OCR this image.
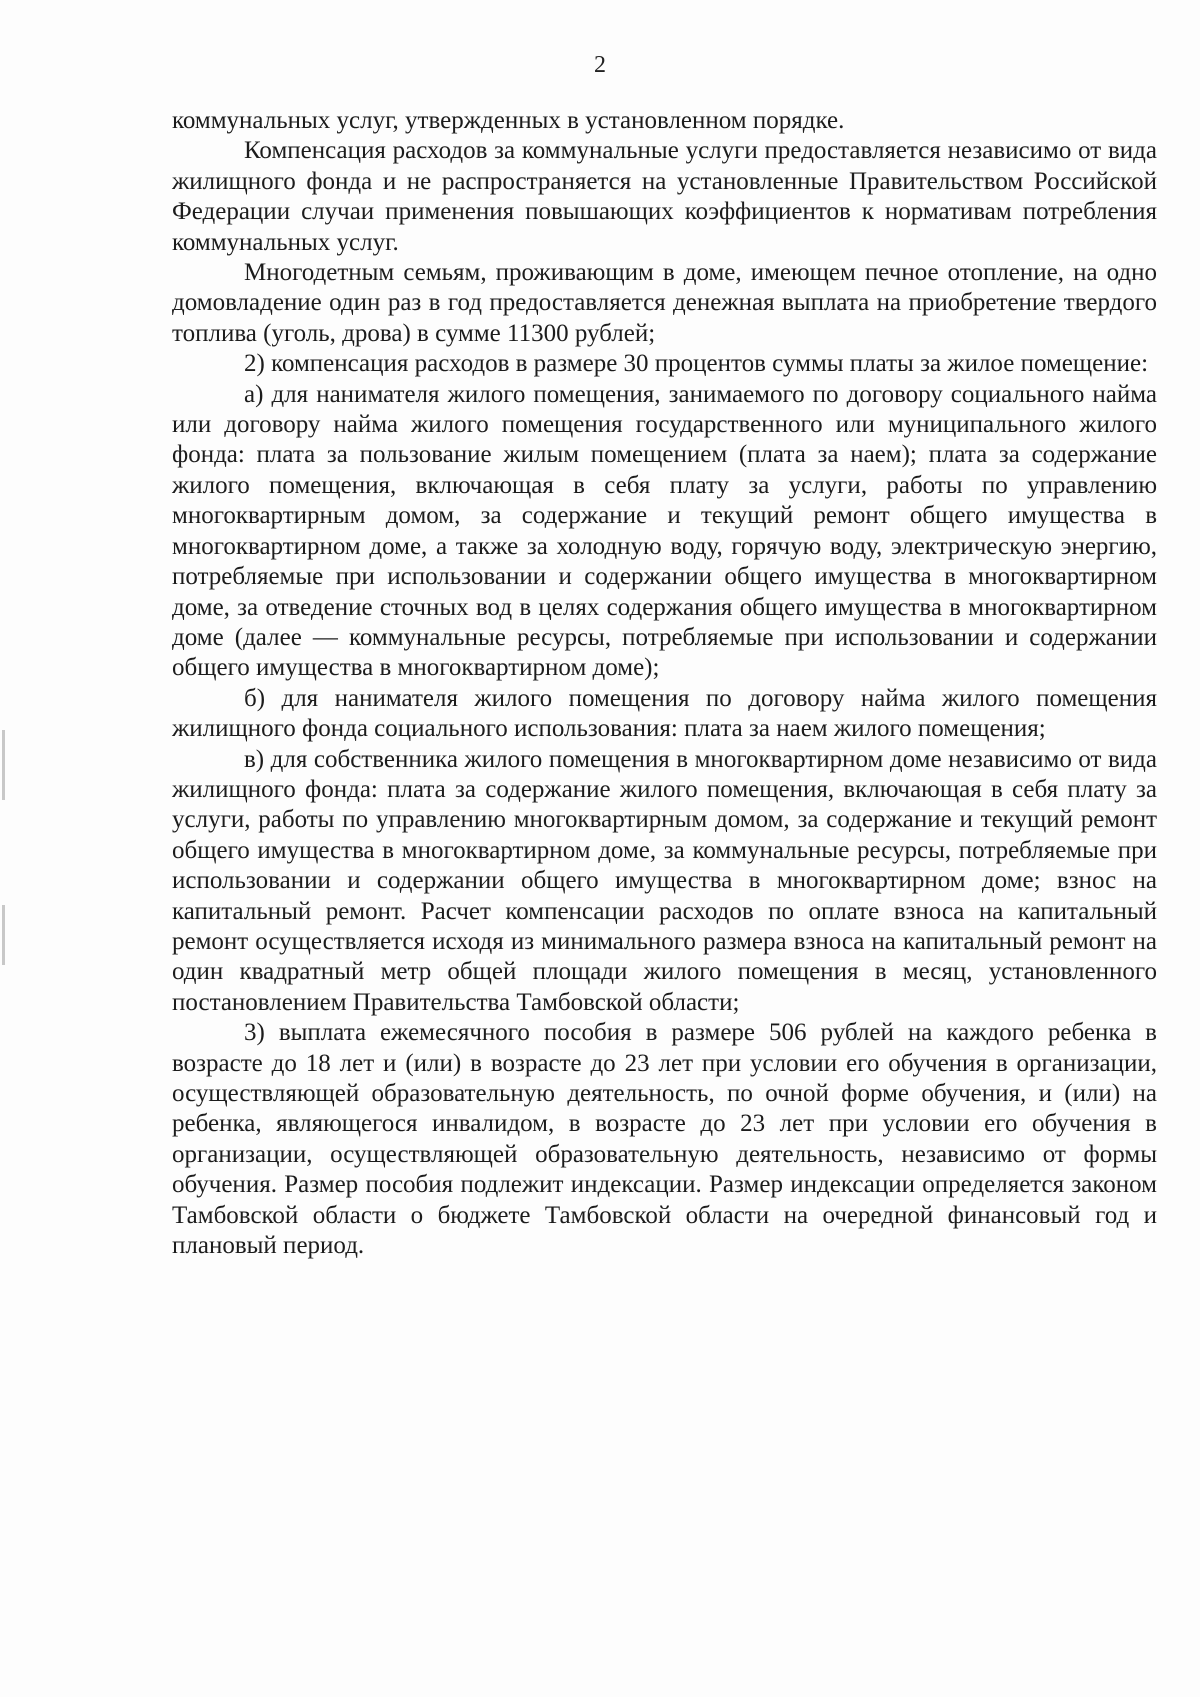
2

коммунальных услуг, утвержденных в установленном порядке.

Компенсация расходов за коммунальные услуги предоставляется независимо от вида жилищного фонда и не распространяется на установленные Правительством Российской Федерации случаи применения повышающих коэффициентов к нормативам потребления коммунальных услуг.

Многодетным семьям, проживающим в доме, имеющем печное отопление, на одно домовладение один раз в год предоставляется денежная выплата на приобретение твердого топлива (уголь, дрова) в сумме 11300 рублей;

2) компенсация расходов в размере 30 процентов суммы платы за жилое помещение:

а) для нанимателя жилого помещения, занимаемого по договору социального найма или договору найма жилого помещения государственного или муниципального жилого фонда: плата за пользование жилым помещением (плата за наем); плата за содержание жилого помещения, включающая в себя плату за услуги, работы по управлению многоквартирным домом, за содержание и текущий ремонт общего имущества в многоквартирном доме, а также за холодную воду, горячую воду, электрическую энергию, потребляемые при использовании и содержании общего имущества в многоквартирном доме, за отведение сточных вод в целях содержания общего имущества в многоквартирном доме (далее — коммунальные ресурсы, потребляемые при использовании и содержании общего имущества в многоквартирном доме);

б) для нанимателя жилого помещения по договору найма жилого помещения жилищного фонда социального использования: плата за наем жилого помещения;

в) для собственника жилого помещения в многоквартирном доме независимо от вида жилищного фонда: плата за содержание жилого помещения, включающая в себя плату за услуги, работы по управлению многоквартирным домом, за содержание и текущий ремонт общего имущества в многоквартирном доме, за коммунальные ресурсы, потребляемые при использовании и содержании общего имущества в многоквартирном доме; взнос на капитальный ремонт. Расчет компенсации расходов по оплате взноса на капитальный ремонт осуществляется исходя из минимального размера взноса на капитальный ремонт на один квадратный метр общей площади жилого помещения в месяц, установленного постановлением Правительства Тамбовской области;

3) выплата ежемесячного пособия в размере 506 рублей на каждого ребенка в возрасте до 18 лет и (или) в возрасте до 23 лет при условии его обучения в организации, осуществляющей образовательную деятельность, по очной форме обучения, и (или) на ребенка, являющегося инвалидом, в возрасте до 23 лет при условии его обучения в организации, осуществляющей образовательную деятельность, независимо от формы обучения. Размер пособия подлежит индексации. Размер индексации определяется законом Тамбовской области о бюджете Тамбовской области на очередной финансовый год и плановый период.
